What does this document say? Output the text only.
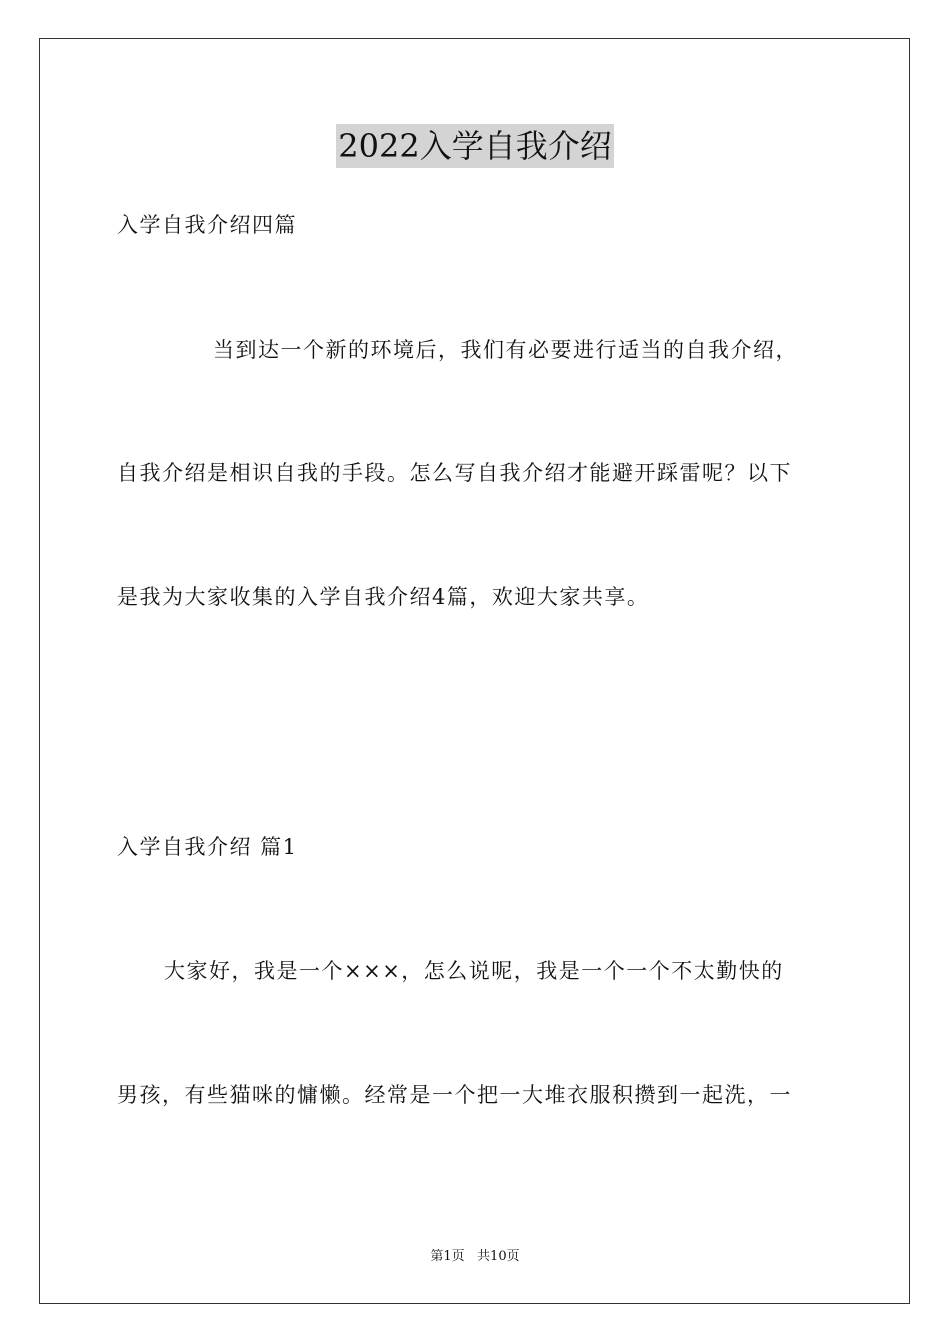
2022入学自我介绍
入学自我介绍四篇
当到达一个新的环境后，我们有必要进行适当的自我介绍，
自我介绍是相识自我的手段。怎么写自我介绍才能避开踩雷呢？以下
是我为大家收集的入学自我介绍4篇，欢迎大家共享。
入学自我介绍 篇1
大家好，我是一个×××，怎么说呢，我是一个一个不太勤快的
男孩，有些猫咪的慵懒。经常是一个把一大堆衣服积攒到一起洗，一
第1页   共10页
